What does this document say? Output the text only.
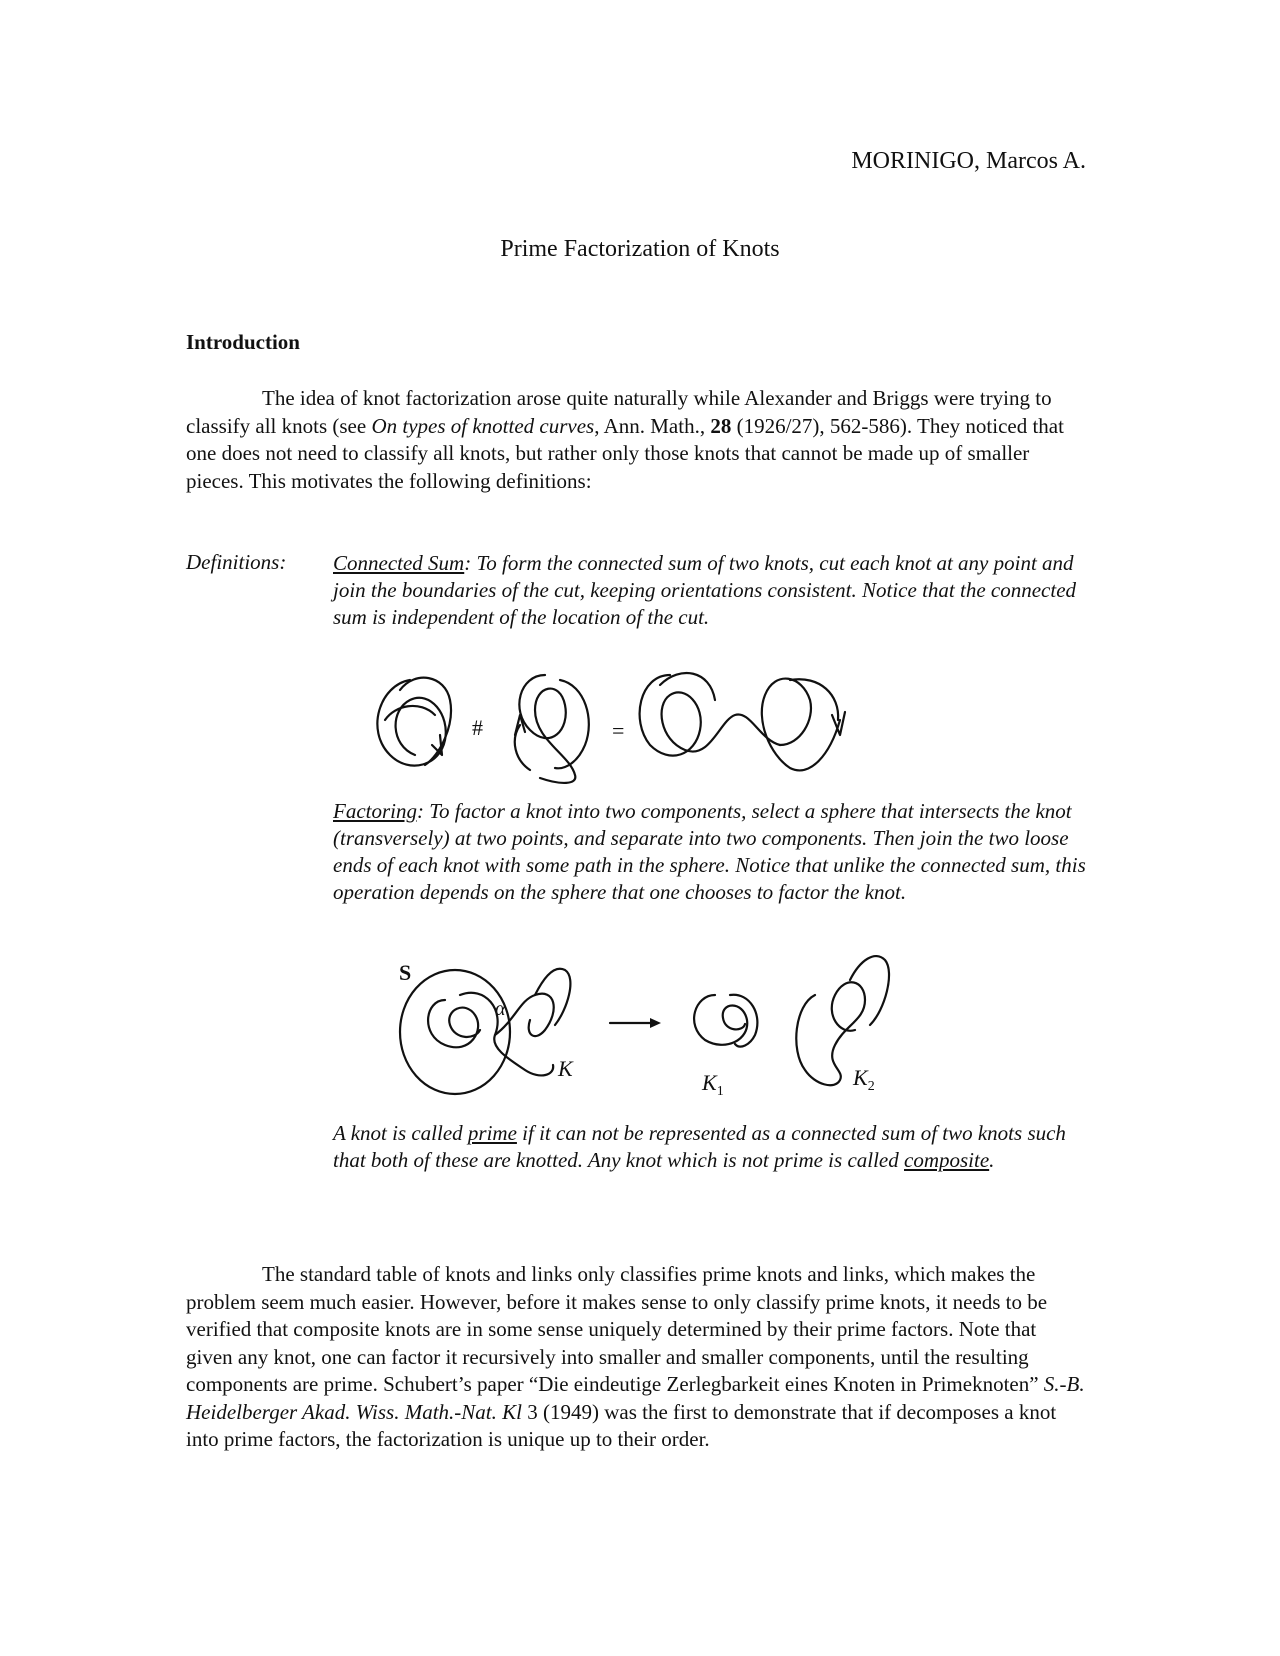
MORINIGO, Marcos A.
Prime Factorization of Knots
Introduction
The idea of knot factorization arose quite naturally while Alexander and Briggs were trying to classify all knots (see On types of knotted curves, Ann. Math., 28 (1926/27), 562-586). They noticed that one does not need to classify all knots, but rather only those knots that cannot be made up of smaller pieces. This motivates the following definitions:
Definitions: Connected Sum: To form the connected sum of two knots, cut each knot at any point and join the boundaries of the cut, keeping orientations consistent. Notice that the connected sum is independent of the location of the cut.
#	=
Factoring: To factor a knot into two components, select a sphere that intersects the knot (transversely) at two points, and separate into two components. Then join the two loose ends of each knot with some path in the sphere. Notice that unlike the connected sum, this operation depends on the sphere that one chooses to factor the knot.
S
α
K
$K_1$
$K_2$
A knot is called prime if it can not be represented as a connected sum of two knots such that both of these are knotted. Any knot which is not prime is called composite.
The standard table of knots and links only classifies prime knots and links, which makes the problem seem much easier. However, before it makes sense to only classify prime knots, it needs to be verified that composite knots are in some sense uniquely determined by their prime factors. Note that given any knot, one can factor it recursively into smaller and smaller components, until the resulting components are prime. Schubert’s paper “Die eindeutige Zerlegbarkeit eines Knoten in Primeknoten” S.-B. Heidelberger Akad. Wiss. Math.-Nat. Kl 3 (1949) was the first to demonstrate that if decomposes a knot into prime factors, the factorization is unique up to their order.
